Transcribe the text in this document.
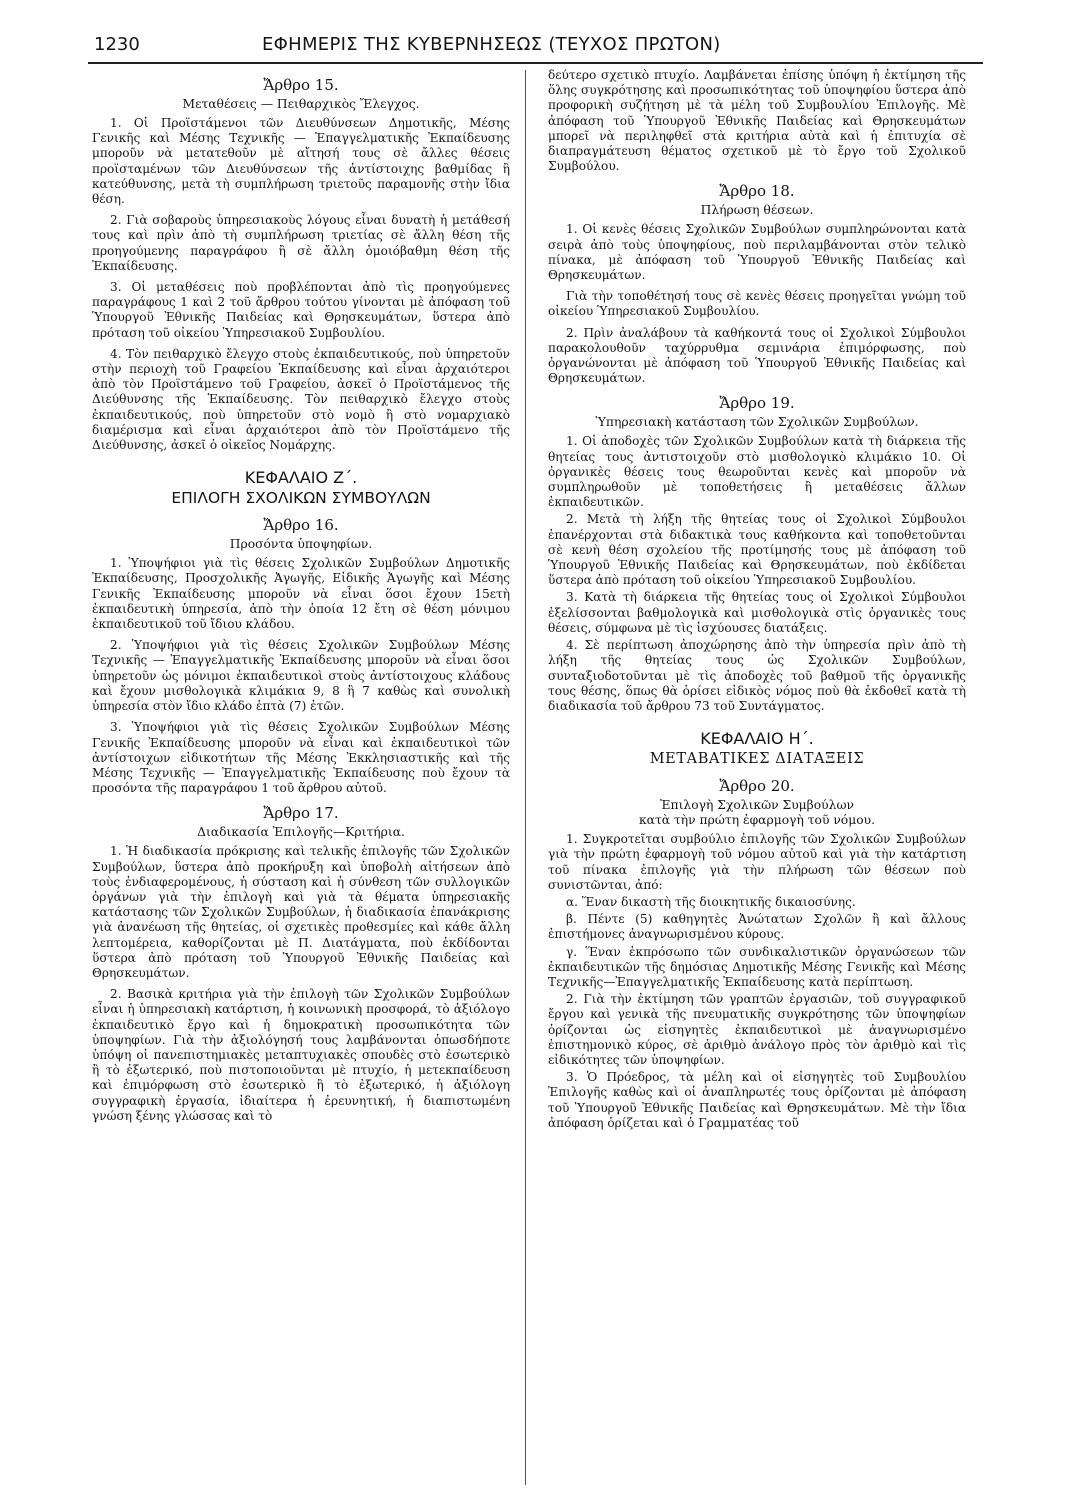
1230	ΕΦΗΜΕΡΙΣ ΤΗΣ ΚΥΒΕΡΝΗΣΕΩΣ (ΤΕΥΧΟΣ ΠΡΩΤΟΝ)
Ἄρθρο 15.
Μεταθέσεις — Πειθαρχικὸς Ἔλεγχος.

1. Οἱ Προϊστάμενοι τῶν Διευθύνσεων Δημοτικῆς, Μέσης Γενικῆς καὶ Μέσης Τεχνικῆς — Ἐπαγγελματικῆς Ἐκπαίδευσης μποροῦν νὰ μετατεθοῦν μὲ αἴτησή τους σὲ ἄλλες θέσεις προϊσταμένων τῶν Διευθύνσεων τῆς ἀντίστοιχης βαθμίδας ἢ κατεύθυνσης, μετὰ τὴ συμπλήρωση τριετοῦς παραμονῆς στὴν ἴδια θέση.

2. Γιὰ σοβαροὺς ὑπηρεσιακοὺς λόγους εἶναι δυνατὴ ἡ μετάθεσή τους καὶ πρὶν ἀπὸ τὴ συμπλήρωση τριετίας σὲ ἄλλη θέση τῆς προηγούμενης παραγράφου ἢ σὲ ἄλλη ὁμοιόβαθμη θέση τῆς Ἐκπαίδευσης.

3. Οἱ μεταθέσεις ποὺ προβλέπονται ἀπὸ τὶς προηγούμενες παραγράφους 1 καὶ 2 τοῦ ἄρθρου τούτου γίνονται μὲ ἀπόφαση τοῦ Ὑπουργοῦ Ἐθνικῆς Παιδείας καὶ Θρησκευμάτων, ὕστερα ἀπὸ πρόταση τοῦ οἰκείου Ὑπηρεσιακοῦ Συμβουλίου.

4. Τὸν πειθαρχικὸ ἔλεγχο στοὺς ἐκπαιδευτικούς, ποὺ ὑπηρετοῦν στὴν περιοχὴ τοῦ Γραφείου Ἐκπαίδευσης καὶ εἶναι ἀρχαιότεροι ἀπὸ τὸν Προϊστάμενο τοῦ Γραφείου, ἀσκεῖ ὁ Προϊστάμενος τῆς Διεύθυνσης τῆς Ἐκπαίδευσης. Τὸν πειθαρχικὸ ἔλεγχο στοὺς ἐκπαιδευτικούς, ποὺ ὑπηρετοῦν στὸ νομὸ ἢ στὸ νομαρχιακὸ διαμέρισμα καὶ εἶναι ἀρχαιότεροι ἀπὸ τὸν Προϊστάμενο τῆς Διεύθυνσης, ἀσκεῖ ὁ οἰκεῖος Νομάρχης.

ΚΕΦΑΛΑΙΟ Ζ΄.
ΕΠΙΛΟΓΗ ΣΧΟΛΙΚΩΝ ΣΥΜΒΟΥΛΩΝ
Ἄρθρο 16.
Προσόντα ὑποψηφίων.

1. Ὑποψήφιοι γιὰ τὶς θέσεις Σχολικῶν Συμβούλων Δημοτικῆς Ἐκπαίδευσης, Προσχολικῆς Ἀγωγῆς, Εἰδικῆς Ἀγωγῆς καὶ Μέσης Γενικῆς Ἐκπαίδευσης μποροῦν νὰ εἶναι ὅσοι ἔχουν 15ετὴ ἐκπαιδευτικὴ ὑπηρεσία, ἀπὸ τὴν ὁποία 12 ἔτη σὲ θέση μόνιμου ἐκπαιδευτικοῦ τοῦ ἴδιου κλάδου.

2. Ὑποψήφιοι γιὰ τὶς θέσεις Σχολικῶν Συμβούλων Μέσης Τεχνικῆς — Ἐπαγγελματικῆς Ἐκπαίδευσης μποροῦν νὰ εἶναι ὅσοι ὑπηρετοῦν ὡς μόνιμοι ἐκπαιδευτικοὶ στοὺς ἀντίστοιχους κλάδους καὶ ἔχουν μισθολογικὰ κλιμάκια 9, 8 ἢ 7 καθὼς καὶ συνολικὴ ὑπηρεσία στὸν ἴδιο κλάδο ἑπτὰ (7) ἐτῶν.

3. Ὑποψήφιοι γιὰ τὶς θέσεις Σχολικῶν Συμβούλων Μέσης Γενικῆς Ἐκπαίδευσης μποροῦν νὰ εἶναι καὶ ἐκπαιδευτικοὶ τῶν ἀντίστοιχων εἰδικοτήτων τῆς Μέσης Ἐκκλησιαστικῆς καὶ τῆς Μέσης Τεχνικῆς — Ἐπαγγελματικῆς Ἐκπαίδευσης ποὺ ἔχουν τὰ προσόντα τῆς παραγράφου 1 τοῦ ἄρθρου αὐτοῦ.

Ἄρθρο 17.
Διαδικασία Ἐπιλογῆς—Κριτήρια.

1. Ἡ διαδικασία πρόκρισης καὶ τελικῆς ἐπιλογῆς τῶν Σχολικῶν Συμβούλων, ὕστερα ἀπὸ προκήρυξη καὶ ὑποβολὴ αἰτήσεων ἀπὸ τοὺς ἐνδιαφερομένους, ἡ σύσταση καὶ ἡ σύνθεση τῶν συλλογικῶν ὀργάνων γιὰ τὴν ἐπιλογὴ καὶ γιὰ τὰ θέματα ὑπηρεσιακῆς κατάστασης τῶν Σχολικῶν Συμβούλων, ἡ διαδικασία ἐπανάκρισης γιὰ ἀνανέωση τῆς θητείας, οἱ σχετικὲς προθεσμίες καὶ κάθε ἄλλη λεπτομέρεια, καθορίζονται μὲ Π. Διατάγματα, ποὺ ἐκδίδονται ὕστερα ἀπὸ πρόταση τοῦ Ὑπουργοῦ Ἐθνικῆς Παιδείας καὶ Θρησκευμάτων.

2. Βασικὰ κριτήρια γιὰ τὴν ἐπιλογὴ τῶν Σχολικῶν Συμβούλων εἶναι ἡ ὑπηρεσιακὴ κατάρτιση, ἡ κοινωνικὴ προσφορά, τὸ ἀξιόλογο ἐκπαιδευτικὸ ἔργο καὶ ἡ δημοκρατικὴ προσωπικότητα τῶν ὑποψηφίων. Γιὰ τὴν ἀξιολόγησή τους λαμβάνονται ὁπωσδήποτε ὑπόψη οἱ πανεπιστημιακὲς μεταπτυχιακὲς σπουδὲς στὸ ἐσωτερικὸ ἢ τὸ ἐξωτερικό, ποὺ πιστοποιοῦνται μὲ πτυχίο, ἡ μετεκπαίδευση καὶ ἐπιμόρφωση στὸ ἐσωτερικὸ ἢ τὸ ἐξωτερικό, ἡ ἀξιόλογη συγγραφικὴ ἐργασία, ἰδιαίτερα ἡ ἐρευνητική, ἡ διαπιστωμένη γνώση ξένης γλώσσας καὶ τὸ

δεύτερο σχετικὸ πτυχίο. Λαμβάνεται ἐπίσης ὑπόψη ἡ ἐκτίμηση τῆς ὅλης συγκρότησης καὶ προσωπικότητας τοῦ ὑποψηφίου ὕστερα ἀπὸ προφορικὴ συζήτηση μὲ τὰ μέλη τοῦ Συμβουλίου Ἐπιλογῆς. Μὲ ἀπόφαση τοῦ Ὑπουργοῦ Ἐθνικῆς Παιδείας καὶ Θρησκευμάτων μπορεῖ νὰ περιληφθεῖ στὰ κριτήρια αὐτὰ καὶ ἡ ἐπιτυχία σὲ διαπραγμάτευση θέματος σχετικοῦ μὲ τὸ ἔργο τοῦ Σχολικοῦ Συμβούλου.

Ἄρθρο 18.
Πλήρωση θέσεων.

1. Οἱ κενὲς θέσεις Σχολικῶν Συμβούλων συμπληρώνονται κατὰ σειρὰ ἀπὸ τοὺς ὑποψηφίους, ποὺ περιλαμβάνονται στὸν τελικὸ πίνακα, μὲ ἀπόφαση τοῦ Ὑπουργοῦ Ἐθνικῆς Παιδείας καὶ Θρησκευμάτων.

Γιὰ τὴν τοποθέτησή τους σὲ κενὲς θέσεις προηγεῖται γνώμη τοῦ οἰκείου Ὑπηρεσιακοῦ Συμβουλίου.

2. Πρὶν ἀναλάβουν τὰ καθήκοντά τους οἱ Σχολικοὶ Σύμβουλοι παρακολουθοῦν ταχύρρυθμα σεμινάρια ἐπιμόρφωσης, ποὺ ὀργανώνονται μὲ ἀπόφαση τοῦ Ὑπουργοῦ Ἐθνικῆς Παιδείας καὶ Θρησκευμάτων.

Ἄρθρο 19.
Ὑπηρεσιακὴ κατάσταση τῶν Σχολικῶν Συμβούλων.

1. Οἱ ἀποδοχὲς τῶν Σχολικῶν Συμβούλων κατὰ τὴ διάρκεια τῆς θητείας τους ἀντιστοιχοῦν στὸ μισθολογικὸ κλιμάκιο 10. Οἱ ὀργανικὲς θέσεις τους θεωροῦνται κενὲς καὶ μποροῦν νὰ συμπληρωθοῦν μὲ τοποθετήσεις ἢ μεταθέσεις ἄλλων ἐκπαιδευτικῶν.

2. Μετὰ τὴ λήξη τῆς θητείας τους οἱ Σχολικοὶ Σύμβουλοι ἐπανέρχονται στὰ διδακτικὰ τους καθήκοντα καὶ τοποθετοῦνται σὲ κενὴ θέση σχολείου τῆς προτίμησής τους μὲ ἀπόφαση τοῦ Ὑπουργοῦ Ἐθνικῆς Παιδείας καὶ Θρησκευμάτων, ποὺ ἐκδίδεται ὕστερα ἀπὸ πρόταση τοῦ οἰκείου Ὑπηρεσιακοῦ Συμβουλίου.

3. Κατὰ τὴ διάρκεια τῆς θητείας τους οἱ Σχολικοὶ Σύμβουλοι ἐξελίσσονται βαθμολογικὰ καὶ μισθολογικὰ στὶς ὀργανικὲς τους θέσεις, σύμφωνα μὲ τὶς ἰσχύουσες διατάξεις.

4. Σὲ περίπτωση ἀποχώρησης ἀπὸ τὴν ὑπηρεσία πρὶν ἀπὸ τὴ λήξη τῆς θητείας τους ὡς Σχολικῶν Συμβούλων, συνταξιοδοτοῦνται μὲ τὶς ἀποδοχὲς τοῦ βαθμοῦ τῆς ὀργανικῆς τους θέσης, ὅπως θὰ ὁρίσει εἰδικὸς νόμος ποὺ θὰ ἐκδοθεῖ κατὰ τὴ διαδικασία τοῦ ἄρθρου 73 τοῦ Συντάγματος.

ΚΕΦΑΛΑΙΟ Η΄.
ΜΕΤΑΒΑΤΙΚΕΣ ΔΙΑΤΑΞΕΙΣ
Ἄρθρο 20.
Ἐπιλογὴ Σχολικῶν Συμβούλων
κατὰ τὴν πρώτη ἐφαρμογὴ τοῦ νόμου.

1. Συγκροτεῖται συμβούλιο ἐπιλογῆς τῶν Σχολικῶν Συμβούλων γιὰ τὴν πρώτη ἐφαρμογὴ τοῦ νόμου αὐτοῦ καὶ γιὰ τὴν κατάρτιση τοῦ πίνακα ἐπιλογῆς γιὰ τὴν πλήρωση τῶν θέσεων ποὺ συνιστῶνται, ἀπό:

α. Ἕναν δικαστὴ τῆς διοικητικῆς δικαιοσύνης.

β. Πέντε (5) καθηγητὲς Ἀνώτατων Σχολῶν ἢ καὶ ἄλλους ἐπιστήμονες ἀναγνωρισμένου κύρους.

γ. Ἕναν ἐκπρόσωπο τῶν συνδικαλιστικῶν ὀργανώσεων τῶν ἐκπαιδευτικῶν τῆς δημόσιας Δημοτικῆς Μέσης Γενικῆς καὶ Μέσης Τεχνικῆς—Ἐπαγγελματικῆς Ἐκπαίδευσης κατὰ περίπτωση.

2. Γιὰ τὴν ἐκτίμηση τῶν γραπτῶν ἐργασιῶν, τοῦ συγγραφικοῦ ἔργου καὶ γενικὰ τῆς πνευματικῆς συγκρότησης τῶν ὑποψηφίων ὁρίζονται ὡς εἰσηγητὲς ἐκπαιδευτικοὶ μὲ ἀναγνωρισμένο ἐπιστημονικὸ κύρος, σὲ ἀριθμὸ ἀνάλογο πρὸς τὸν ἀριθμὸ καὶ τὶς εἰδικότητες τῶν ὑποψηφίων.

3. Ὁ Πρόεδρος, τὰ μέλη καὶ οἱ εἰσηγητὲς τοῦ Συμβουλίου Ἐπιλογῆς καθὼς καὶ οἱ ἀναπληρωτές τους ὁρίζονται μὲ ἀπόφαση τοῦ Ὑπουργοῦ Ἐθνικῆς Παιδείας καὶ Θρησκευμάτων. Μὲ τὴν ἴδια ἀπόφαση ὁρίζεται καὶ ὁ Γραμματέας τοῦ
